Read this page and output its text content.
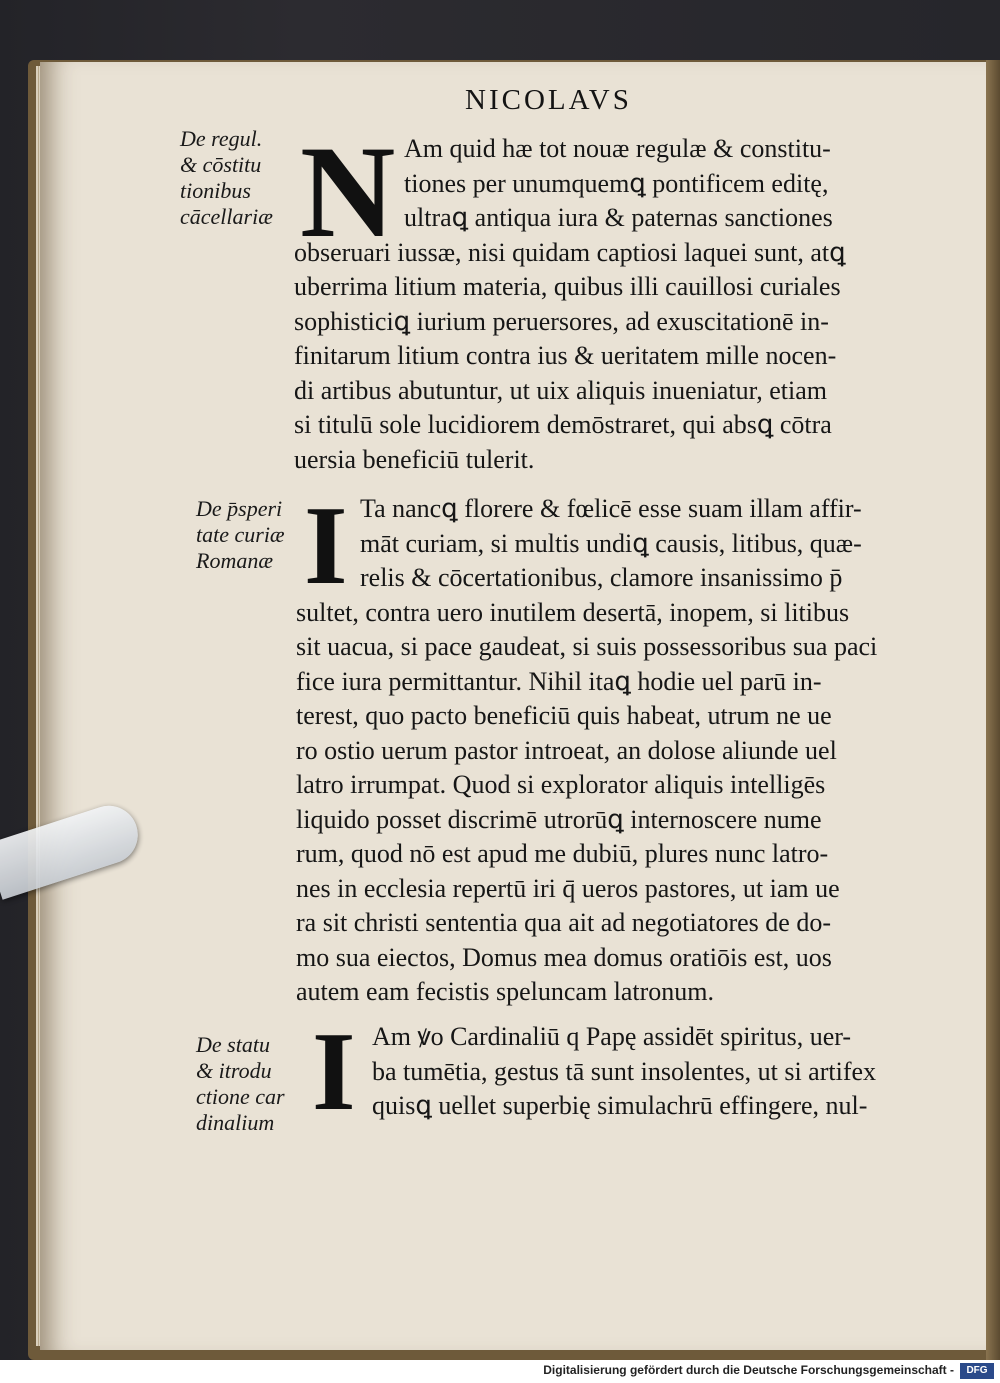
NICOLAVS
De regul.
& cōstitu
tionibus
cācellariæ
De p̄speri
tate curiæ
Romanæ
De statu
& itrodu
ctione car
dinalium
N
I
I
Am quid hæ tot nouæ regulæ & constitu-
tiones per unumquemꝗ pontificem editę,
ultraꝗ antiqua iura & paternas sanctiones
obseruari iussæ, nisi quidam captiosi laquei sunt, atꝗ
uberrima litium materia, quibus illi cauillosi curiales
sophisticiꝗ iurium peruersores, ad exuscitationē in-
finitarum litium contra ius & ueritatem mille nocen-
di artibus abutuntur, ut uix aliquis inueniatur, etiam
si titulū sole lucidiorem demōstraret, qui absꝗ cōtra
uersia beneficiū tulerit.
Ta nancꝗ florere & fœlicē esse suam illam affir-
māt curiam, si multis undiꝗ causis, litibus, quæ-
relis & cōcertationibus, clamore insanissimo p̄
sultet, contra uero inutilem desertā, inopem, si litibus
sit uacua, si pace gaudeat, si suis possessoribus sua paci
fice iura permittantur. Nihil itaꝗ hodie uel parū in-
terest, quo pacto beneficiū quis habeat, utrum ne ue
ro ostio uerum pastor introeat, an dolose aliunde uel
latro irrumpat. Quod si explorator aliquis intelligēs
liquido posset discrimē utrorūꝗ internoscere nume
rum, quod nō est apud me dubiū, plures nunc latro-
nes in ecclesia repertū iri q̄ ueros pastores, ut iam ue
ra sit christi sententia qua ait ad negotiatores de do-
mo sua eiectos, Domus mea domus oratiōis est, uos
autem eam fecistis speluncam latronum.
Am ꝟo Cardinaliū q Papę assidēt spiritus, uer-
ba tumētia, gestus tā sunt insolentes, ut si artifex
quisꝗ uellet superbię simulachrū effingere, nul-
Digitalisierung gefördert durch die Deutsche Forschungsgemeinschaft -	DFG
